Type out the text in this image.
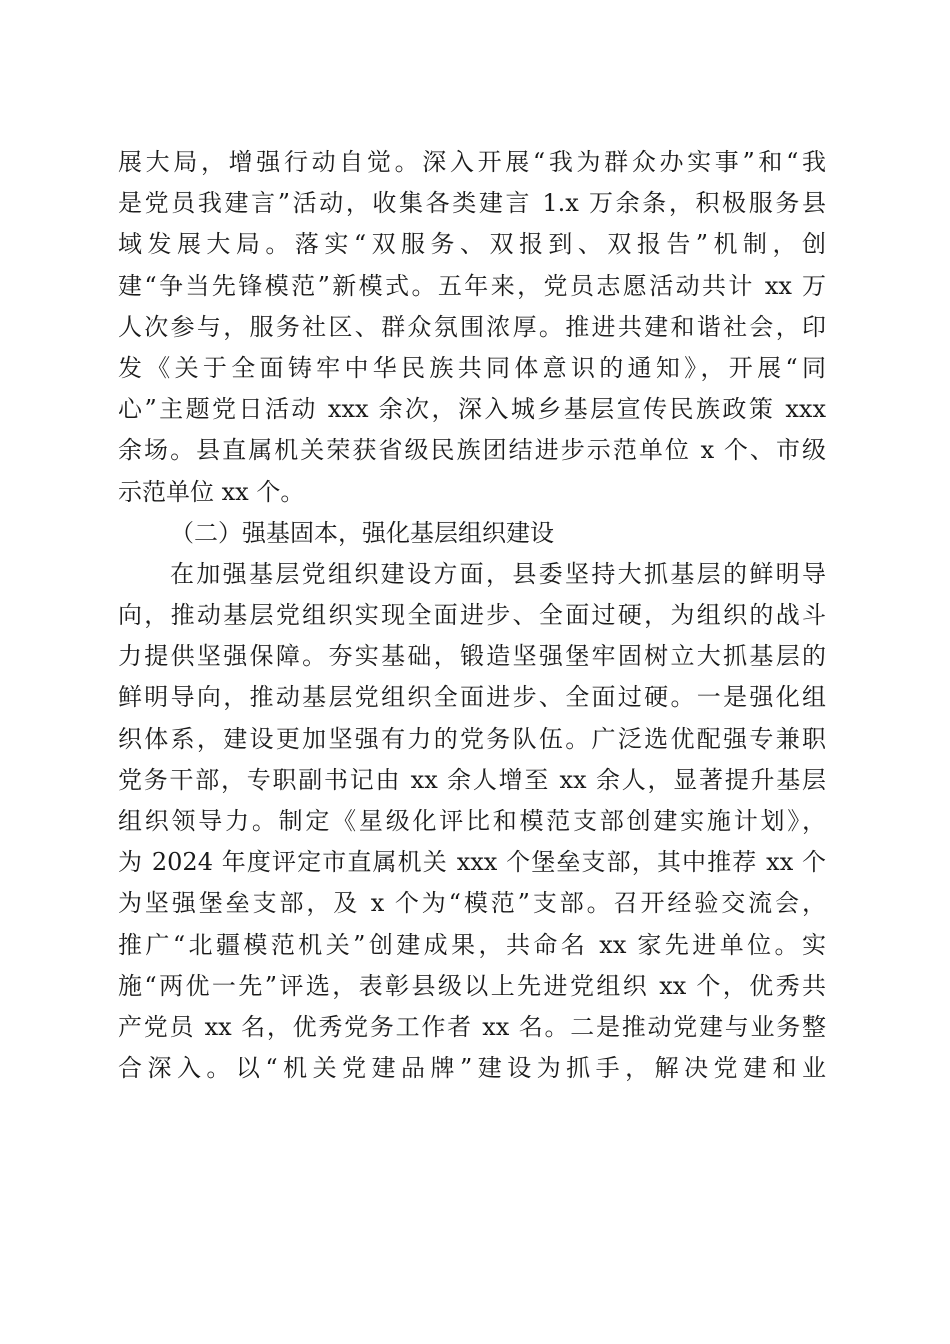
展大局，增强行动自觉。深入开展“我为群众办实事”和“我
是党员我建言”活动，收集各类建言 1.x 万余条，积极服务县
域发展大局。落实“双服务、双报到、双报告”机制，创
建“争当先锋模范”新模式。五年来，党员志愿活动共计 xx 万
人次参与，服务社区、群众氛围浓厚。推进共建和谐社会，印
发《关于全面铸牢中华民族共同体意识的通知》，开展“同
心”主题党日活动 xxx 余次，深入城乡基层宣传民族政策 xxx
余场。县直属机关荣获省级民族团结进步示范单位 x 个、市级
示范单位 xx 个。
（二）强基固本，强化基层组织建设
在加强基层党组织建设方面，县委坚持大抓基层的鲜明导
向，推动基层党组织实现全面进步、全面过硬，为组织的战斗
力提供坚强保障。夯实基础，锻造坚强堡牢固树立大抓基层的
鲜明导向，推动基层党组织全面进步、全面过硬。一是强化组
织体系，建设更加坚强有力的党务队伍。广泛选优配强专兼职
党务干部，专职副书记由 xx 余人增至 xx 余人，显著提升基层
组织领导力。制定《星级化评比和模范支部创建实施计划》，
为 2024 年度评定市直属机关 xxx 个堡垒支部，其中推荐 xx 个
为坚强堡垒支部，及 x 个为“模范”支部。召开经验交流会，
推广“北疆模范机关”创建成果，共命名 xx 家先进单位。实
施“两优一先”评选，表彰县级以上先进党组织 xx 个，优秀共
产党员 xx 名，优秀党务工作者 xx 名。二是推动党建与业务整
合深入。以“机关党建品牌”建设为抓手，解决党建和业
